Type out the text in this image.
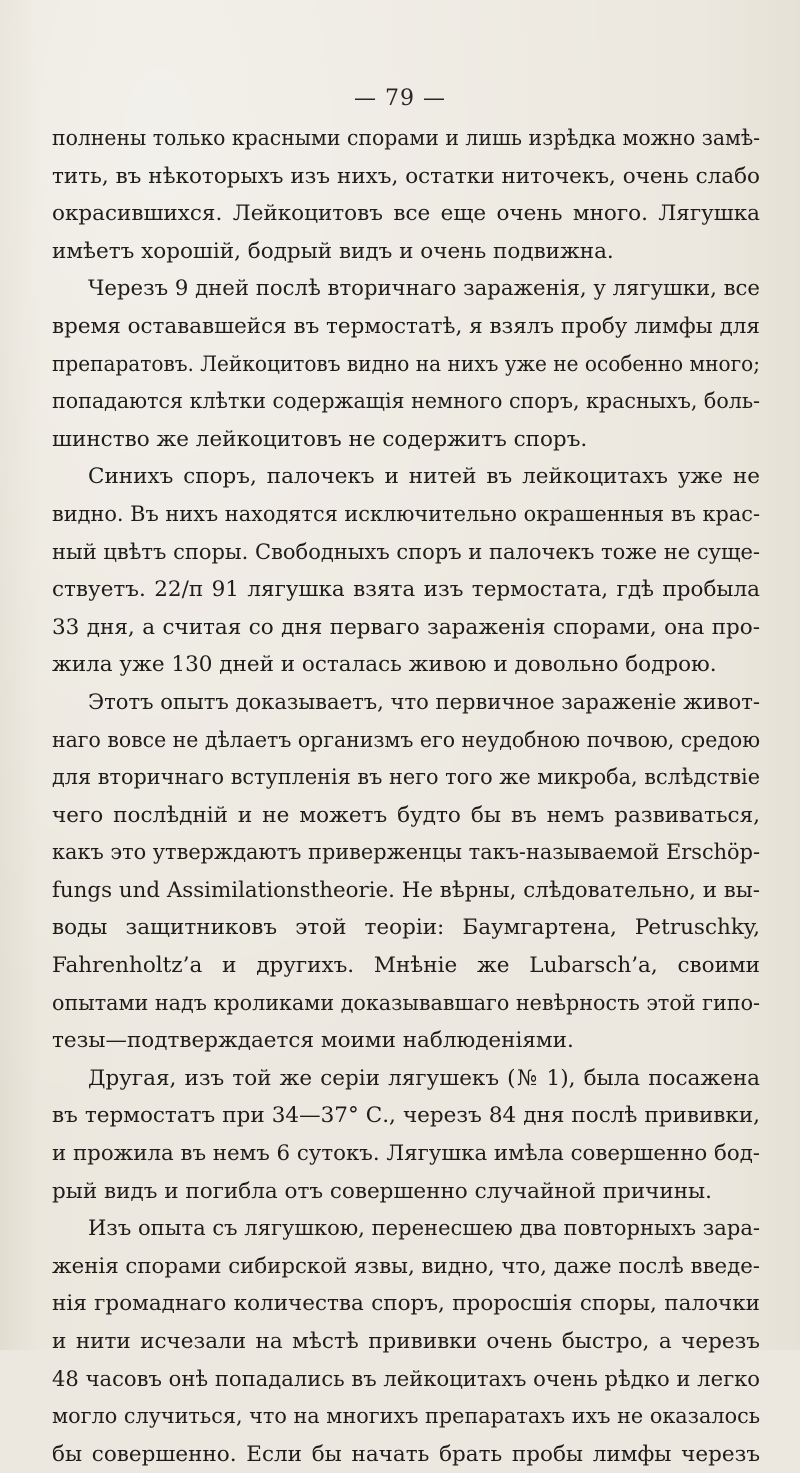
— 79 —
полнены только красными спорами и лишь изрѣдка можно замѣ-
тить, въ нѣкоторыхъ изъ нихъ, остатки ниточекъ, очень слабо
окрасившихся. Лейкоцитовъ все еще очень много. Лягушка
имѣетъ хорошій, бодрый видъ и очень подвижна.
Черезъ 9 дней послѣ вторичнаго зараженія, у лягушки, все
время остававшейся въ термостатѣ, я взялъ пробу лимфы для
препаратовъ. Лейкоцитовъ видно на нихъ уже не особенно много;
попадаются клѣтки содержащія немного споръ, красныхъ, боль-
шинство же лейкоцитовъ не содержитъ споръ.
Синихъ споръ, палочекъ и нитей въ лейкоцитахъ уже не
видно. Въ нихъ находятся исключительно окрашенныя въ крас-
ный цвѣтъ споры. Свободныхъ споръ и палочекъ тоже не суще-
ствуетъ. 22/п 91 лягушка взята изъ термостата, гдѣ пробыла
33 дня, а считая со дня перваго зараженія спорами, она про-
жила уже 130 дней и осталась живою и довольно бодрою.
Этотъ опытъ доказываетъ, что первичное зараженіе живот-
наго вовсе не дѣлаетъ организмъ его неудобною почвою, средою
для вторичнаго вступленія въ него того же микроба, вслѣдствіе
чего послѣдній и не можетъ будто бы въ немъ развиваться,
какъ это утверждаютъ приверженцы такъ-называемой Erschöр-
fungs und Assimilationstheorie. Не вѣрны, слѣдовательно, и вы-
воды защитниковъ этой теоріи: Баумгартена, Petruschky,
Fahrenholtz’a и другихъ. Мнѣніе же Lubarsch’а, своими
опытами надъ кроликами доказывавшаго невѣрность этой гипо-
тезы—подтверждается моими наблюденіями.
Другая, изъ той же серіи лягушекъ (№ 1), была посажена
въ термостатъ при 34—37° С., черезъ 84 дня послѣ прививки,
и прожила въ немъ 6 сутокъ. Лягушка имѣла совершенно бод-
рый видъ и погибла отъ совершенно случайной причины.
Изъ опыта съ лягушкою, перенесшею два повторныхъ зара-
женія спорами сибирской язвы, видно, что, даже послѣ введе-
нія громаднаго количества споръ, проросшія споры, палочки
и нити исчезали на мѣстѣ прививки очень быстро, а черезъ
48 часовъ онѣ попадались въ лейкоцитахъ очень рѣдко и легко
могло случиться, что на многихъ препаратахъ ихъ не оказалось
бы совершенно. Если бы начать брать пробы лимфы черезъ
